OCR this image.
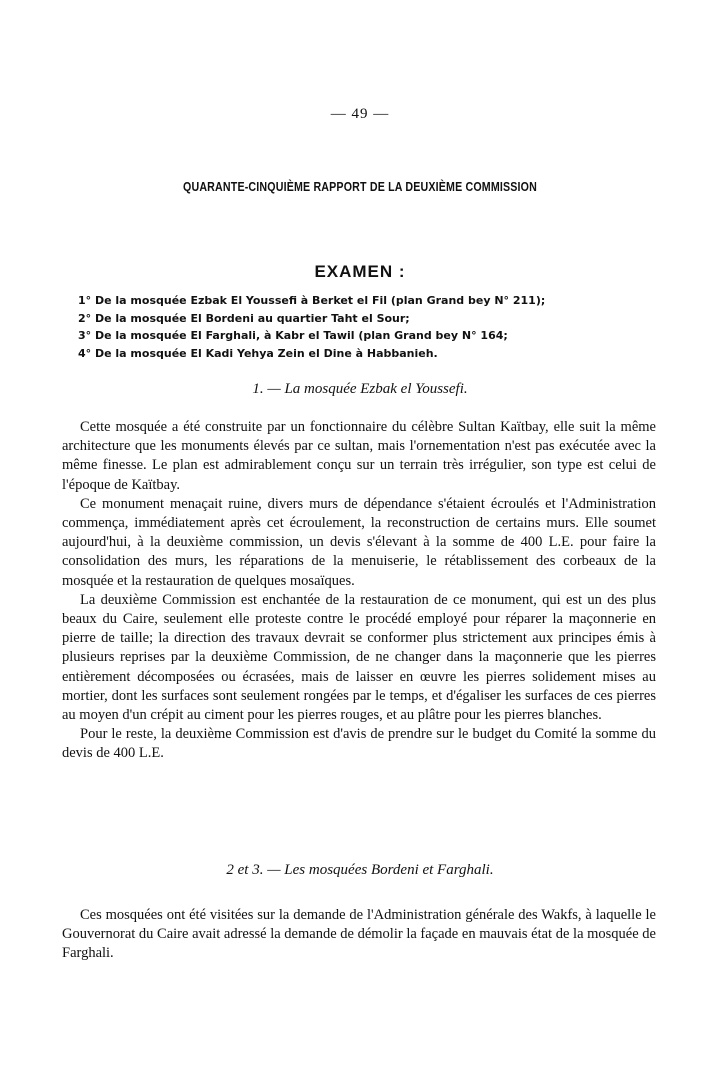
— 49 —
QUARANTE-CINQUIÈME RAPPORT DE LA DEUXIÈME COMMISSION
EXAMEN :
1° De la mosquée Ezbak El Youssefi à Berket el Fil (plan Grand bey N° 211);
2° De la mosquée El Bordeni au quartier Taht el Sour;
3° De la mosquée El Farghali, à Kabr el Tawil (plan Grand bey N° 164;
4° De la mosquée El Kadi Yehya Zein el Dine à Habbanieh.
1. — La mosquée Ezbak el Youssefi.

Cette mosquée a été construite par un fonctionnaire du célèbre Sultan Kaïtbay, elle suit la même architecture que les monuments élevés par ce sultan, mais l'ornementation n'est pas exécutée avec la même finesse. Le plan est admirablement conçu sur un terrain très irrégulier, son type est celui de l'époque de Kaïtbay.

Ce monument menaçait ruine, divers murs de dépendance s'étaient écroulés et l'Administration commença, immédiatement après cet écroulement, la reconstruction de certains murs. Elle soumet aujourd'hui, à la deuxième commission, un devis s'élevant à la somme de 400 L.E. pour faire la consolidation des murs, les réparations de la menuiserie, le rétablissement des corbeaux de la mosquée et la restauration de quelques mosaïques.

La deuxième Commission est enchantée de la restauration de ce monument, qui est un des plus beaux du Caire, seulement elle proteste contre le procédé employé pour réparer la maçonnerie en pierre de taille; la direction des travaux devrait se conformer plus strictement aux principes émis à plusieurs reprises par la deuxième Commission, de ne changer dans la maçonnerie que les pierres entièrement décomposées ou écrasées, mais de laisser en œuvre les pierres solidement mises au mortier, dont les surfaces sont seulement rongées par le temps, et d'égaliser les surfaces de ces pierres au moyen d'un crépit au ciment pour les pierres rouges, et au plâtre pour les pierres blanches.

Pour le reste, la deuxième Commission est d'avis de prendre sur le budget du Comité la somme du devis de 400 L.E.

2 et 3. — Les mosquées Bordeni et Farghali.

Ces mosquées ont été visitées sur la demande de l'Administration générale des Wakfs, à laquelle le Gouvernorat du Caire avait adressé la demande de démolir la façade en mauvais état de la mosquée de Farghali.
